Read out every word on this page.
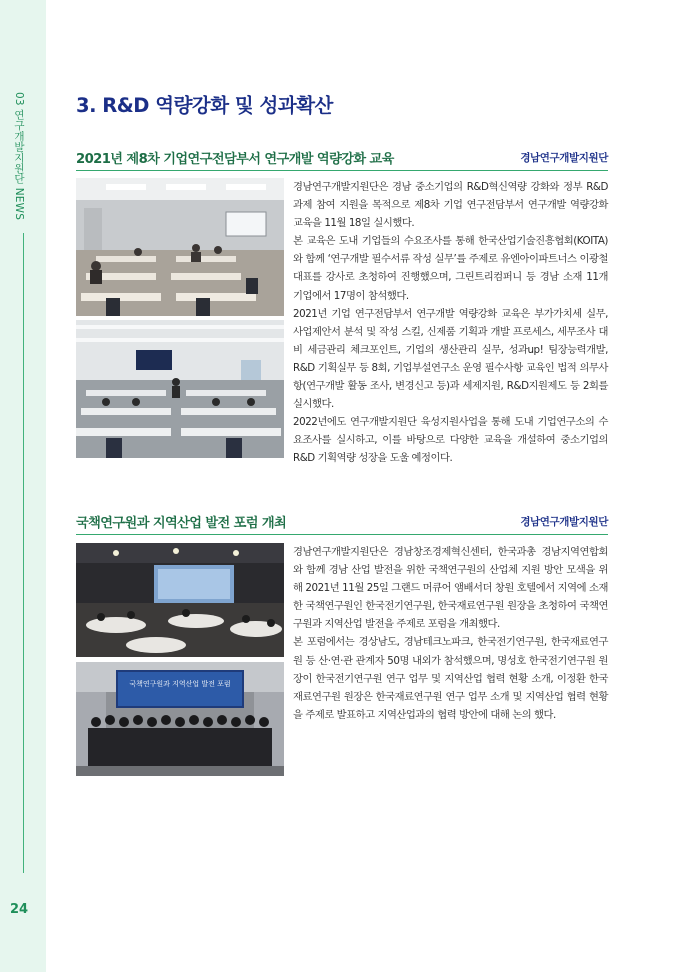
03 연구개발지원단 NEWS
24
3. R&D 역량강화 및 성과확산
2021년 제8차 기업연구전담부서 연구개발 역량강화 교육	경남연구개발지원단

경남연구개발지원단은 경남 중소기업의 R&D혁신역량 강화와 정부 R&D과제 참여 지원을 목적으로 제8차 기업 연구전담부서 연구개발 역량강화 교육을 11월 18일 실시했다.

본 교육은 도내 기업들의 수요조사를 통해 한국산업기술진흥협회(KOITA)와 함께 ‘연구개발 필수서류 작성 실무’를 주제로 유엔아이파트너스 이광철 대표를 강사로 초청하여 진행했으며, 그린트리컴퍼니 등 경남 소재 11개 기업에서 17명이 참석했다.

2021년 기업 연구전담부서 연구개발 역량강화 교육은 부가가치세 실무, 사업제안서 분석 및 작성 스킬, 신제품 기획과 개발 프로세스, 세무조사 대비 세금관리 체크포인트, 기업의 생산관리 실무, 성과up! 팀장능력개발, R&D 기획실무 등 8회, 기업부설연구소 운영 필수사항 교육인 법적 의무사항(연구개발 활동 조사, 변경신고 등)과 세제지원, R&D지원제도 등 2회를 실시했다.

2022년에도 연구개발지원단 육성지원사업을 통해 도내 기업연구소의 수요조사를 실시하고, 이를 바탕으로 다양한 교육을 개설하여 중소기업의 R&D 기획역량 성장을 도울 예정이다.

국책연구원과 지역산업 발전 포럼 개최	경남연구개발지원단
국책연구원과 지역산업 발전 포럼

경남연구개발지원단은 경남창조경제혁신센터, 한국과총 경남지역연합회와 함께 경남 산업 발전을 위한 국책연구원의 산업체 지원 방안 모색을 위해 2021년 11월 25일 그랜드 머큐어 앰배서더 창원 호텔에서 지역에 소재한 국책연구원인 한국전기연구원, 한국재료연구원 원장을 초청하여 국책연구원과 지역산업 발전을 주제로 포럼을 개최했다.

본 포럼에서는 경상남도, 경남테크노파크, 한국전기연구원, 한국재료연구원 등 산·연·관 관계자 50명 내외가 참석했으며, 명성호 한국전기연구원 원장이 한국전기연구원 연구 업무 및 지역산업 협력 현황 소개, 이정환 한국재료연구원 원장은 한국재료연구원 연구 업무 소개 및 지역산업 협력 현황을 주제로 발표하고 지역산업과의 협력 방안에 대해 논의 했다.
